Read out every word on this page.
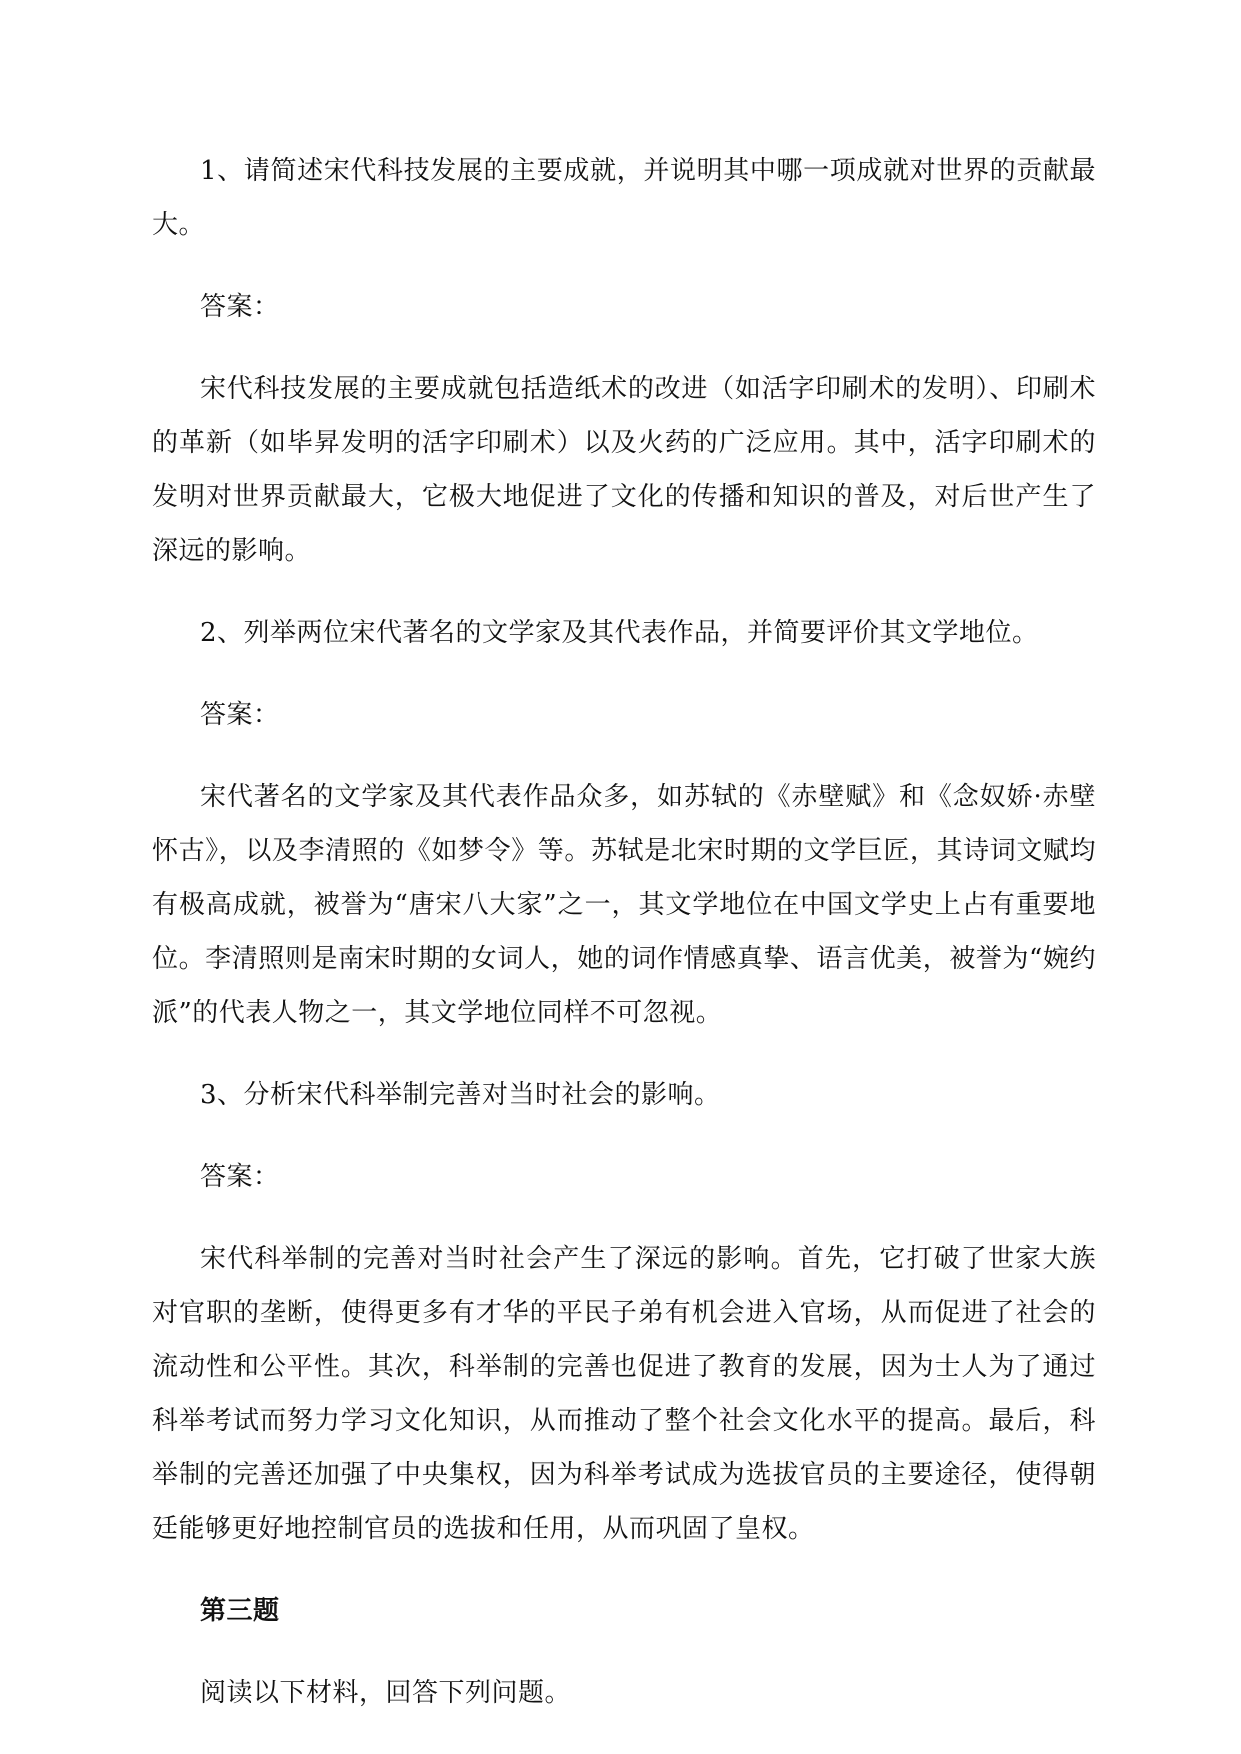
1、请简述宋代科技发展的主要成就，并说明其中哪一项成就对世界的贡献最大。

答案：

宋代科技发展的主要成就包括造纸术的改进（如活字印刷术的发明）、印刷术的革新（如毕昇发明的活字印刷术）以及火药的广泛应用。其中，活字印刷术的发明对世界贡献最大，它极大地促进了文化的传播和知识的普及，对后世产生了深远的影响。

2、列举两位宋代著名的文学家及其代表作品，并简要评价其文学地位。

答案：

宋代著名的文学家及其代表作品众多，如苏轼的《赤壁赋》和《念奴娇·赤壁怀古》，以及李清照的《如梦令》等。苏轼是北宋时期的文学巨匠，其诗词文赋均有极高成就，被誉为“唐宋八大家”之一，其文学地位在中国文学史上占有重要地位。李清照则是南宋时期的女词人，她的词作情感真挚、语言优美，被誉为“婉约派”的代表人物之一，其文学地位同样不可忽视。

3、分析宋代科举制完善对当时社会的影响。

答案：

宋代科举制的完善对当时社会产生了深远的影响。首先，它打破了世家大族对官职的垄断，使得更多有才华的平民子弟有机会进入官场，从而促进了社会的流动性和公平性。其次，科举制的完善也促进了教育的发展，因为士人为了通过科举考试而努力学习文化知识，从而推动了整个社会文化水平的提高。最后，科举制的完善还加强了中央集权，因为科举考试成为选拔官员的主要途径，使得朝廷能够更好地控制官员的选拔和任用，从而巩固了皇权。

第三题

阅读以下材料，回答下列问题。
